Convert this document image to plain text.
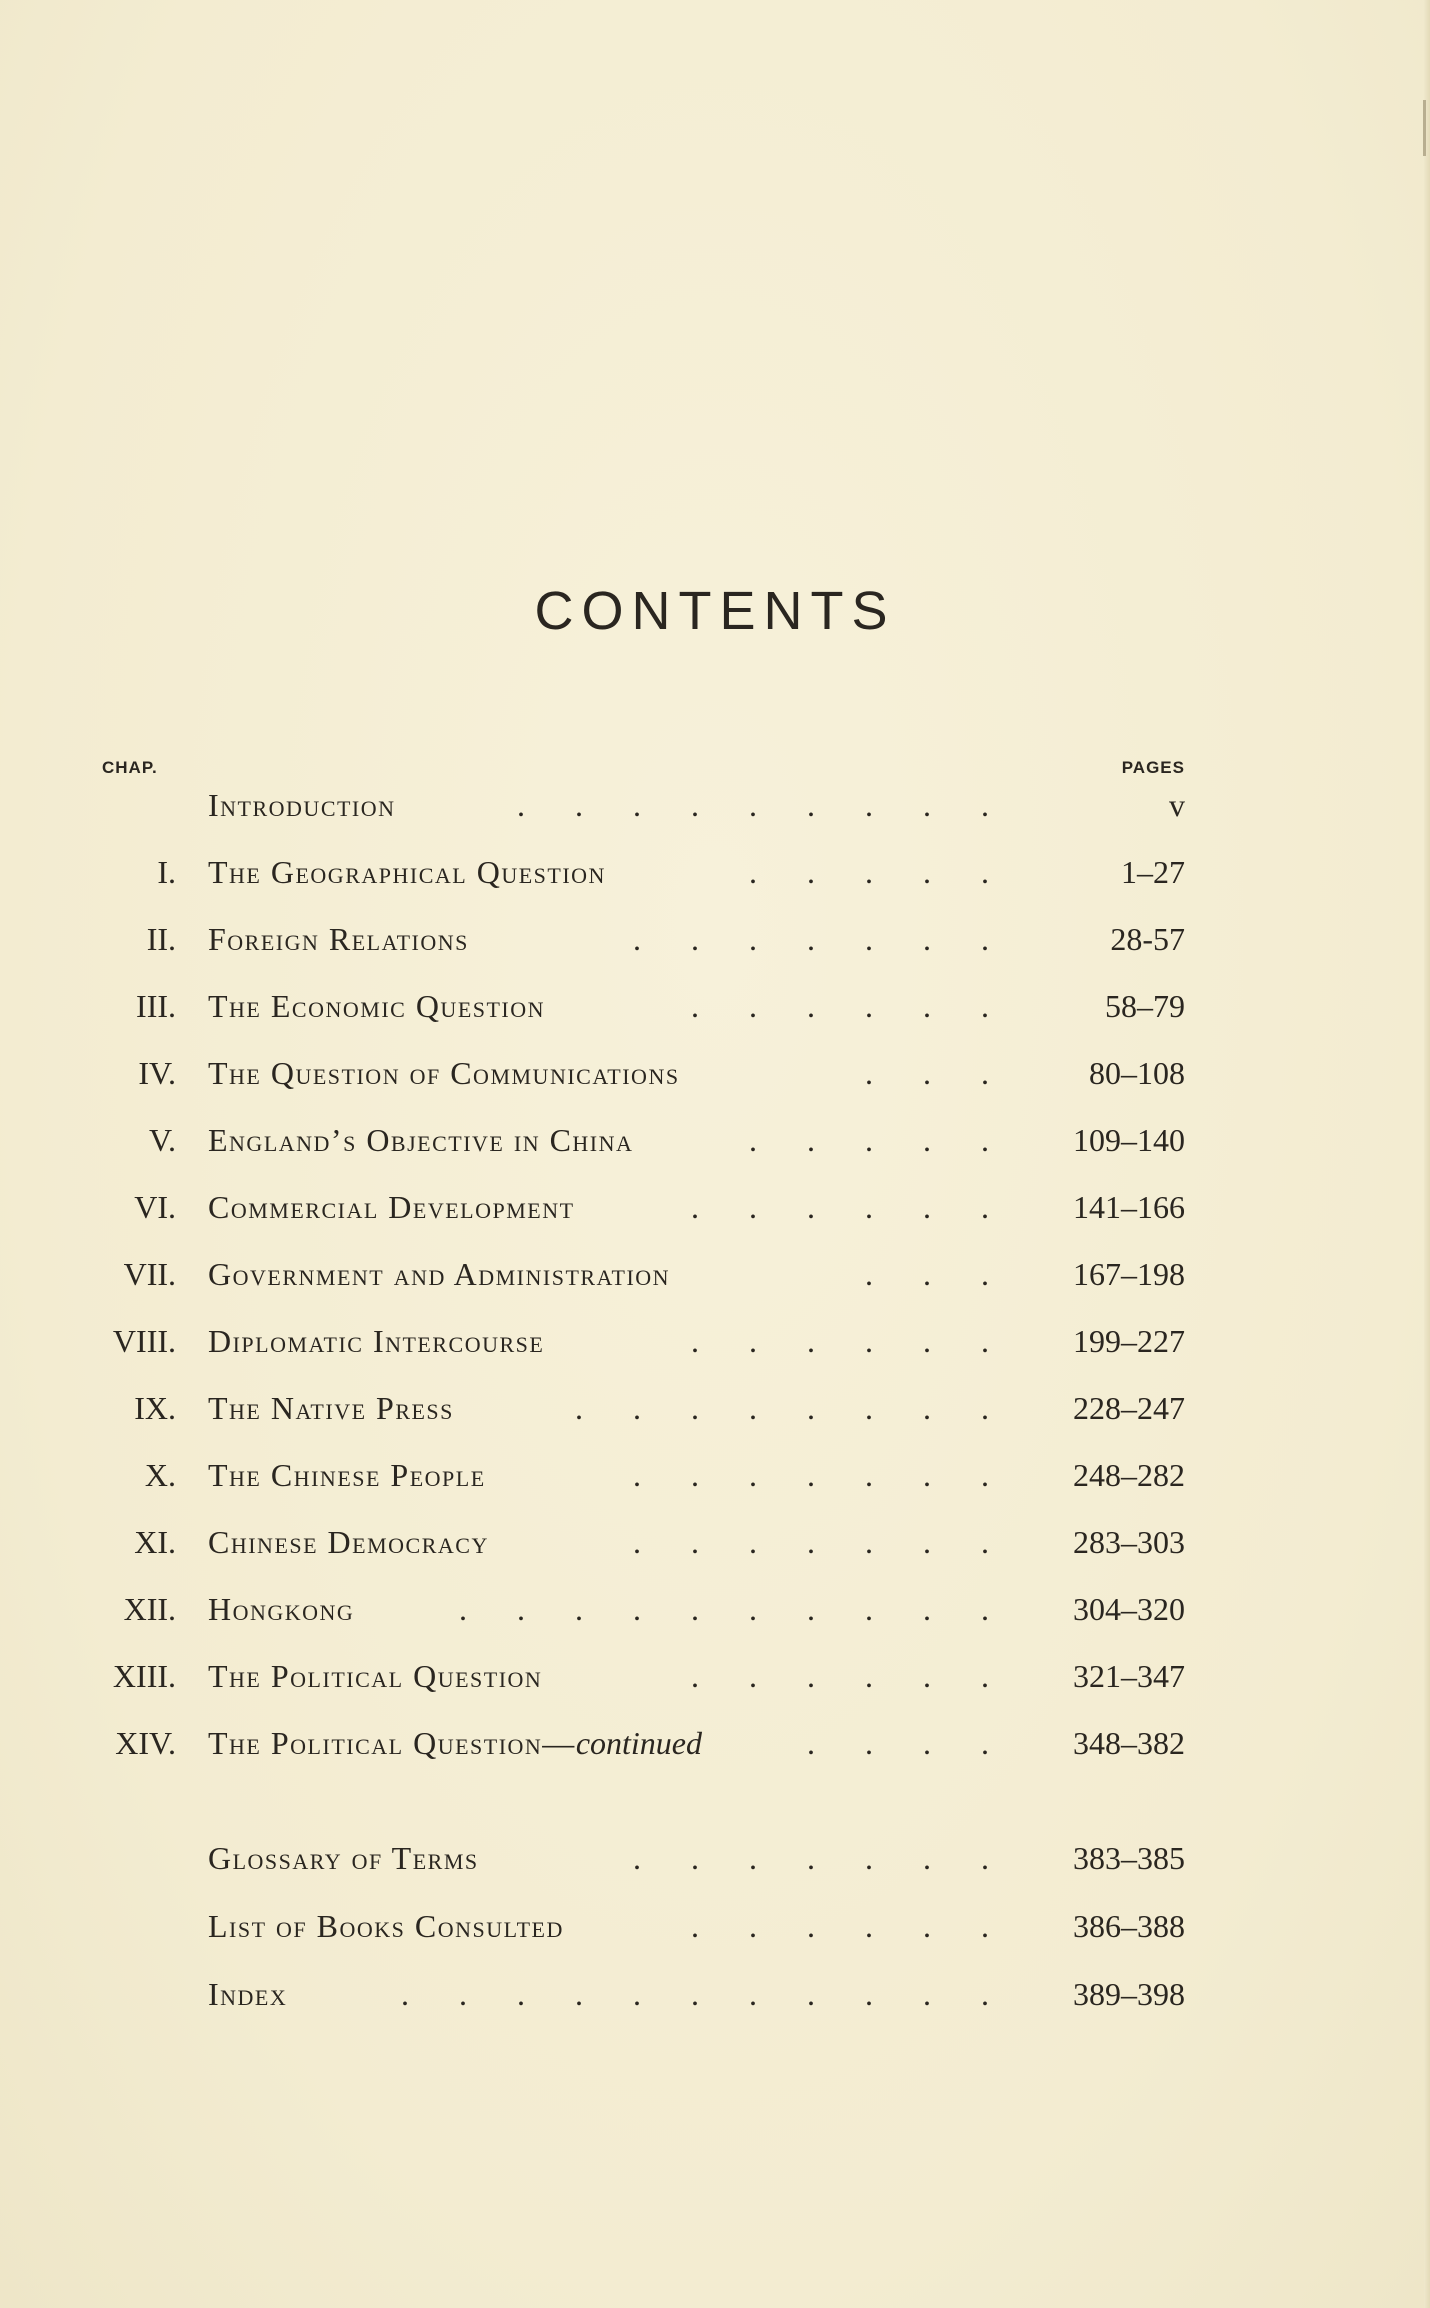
CONTENTS
CHAP.	PAGES
Introduction	. . . . . . . . .	v
I. The Geographical Question	. . . . .	1–27
II. Foreign Relations	. . . . . . .	28-57
III. The Economic Question	. . . . . .	58–79
IV. The Question of Communications	. . . 80–108
V. England’s Objective in China	. . . . . 109–140
VI. Commercial Development	. . . . . . 141–166
VII. Government and Administration	. . . 167–198
VIII. Diplomatic Intercourse	. . . . . . 199–227
IX. The Native Press	. . . . . . . . 228–247
X. The Chinese People	. . . . . . . 248–282
XI. Chinese Democracy	. . . . . . . 283–303
XII. Hongkong	. . . . . . . . . . 304–320
XIII. The Political Question	. . . . . . 321–347
XIV. The Political Question—continued	. . . . 348–382
Glossary of Terms	. . . . . . . 383–385
List of Books Consulted	. . . . . . 386–388
Index	. . . . . . . . . . . 389–398
